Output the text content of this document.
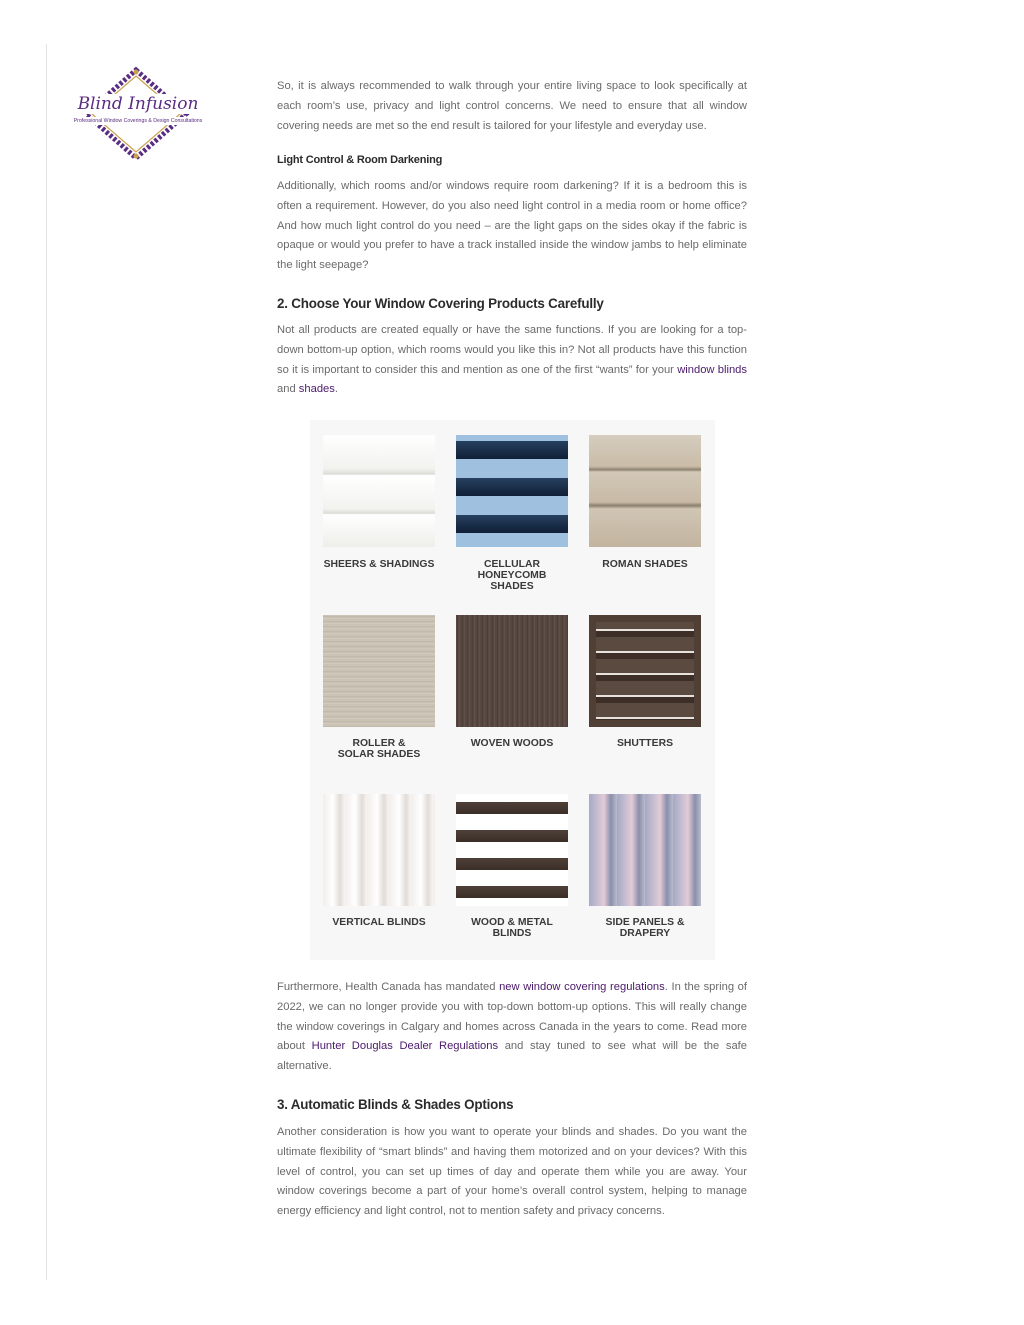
Blind Infusion
Professional Window Coverings & Design Consultations

So, it is always recommended to walk through your entire living space to look specifically at each room’s use, privacy and light control concerns. We need to ensure that all window covering needs are met so the end result is tailored for your lifestyle and everyday use.

Light Control & Room Darkening

Additionally, which rooms and/or windows require room darkening? If it is a bedroom this is often a requirement. However, do you also need light control in a media room or home office? And how much light control do you need – are the light gaps on the sides okay if the fabric is opaque or would you prefer to have a track installed inside the window jambs to help eliminate the light seepage?

2. Choose Your Window Covering Products Carefully

Not all products are created equally or have the same functions. If you are looking for a top-down bottom-up option, which rooms would you like this in? Not all products have this function so it is important to consider this and mention as one of the first “wants” for your window blinds and shades.

Furthermore, Health Canada has mandated new window covering regulations. In the spring of 2022, we can no longer provide you with top-down bottom-up options. This will really change the window coverings in Calgary and homes across Canada in the years to come. Read more about Hunter Douglas Dealer Regulations and stay tuned to see what will be the safe alternative.

3. Automatic Blinds & Shades Options

Another consideration is how you want to operate your blinds and shades. Do you want the ultimate flexibility of “smart blinds” and having them motorized and on your devices? With this level of control, you can set up times of day and operate them while you are away. Your window coverings become a part of your home’s overall control system, helping to manage energy efficiency and light control, not to mention safety and privacy concerns.

SHEERS & SHADINGS	CELLULAR HONEYCOMB SHADES
ROMAN SHADES
ROLLER & SOLAR SHADES
WOVEN WOODS	SHUTTERS
VERTICAL BLINDS	WOOD & METAL BLINDS
SIDE PANELS & DRAPERY
